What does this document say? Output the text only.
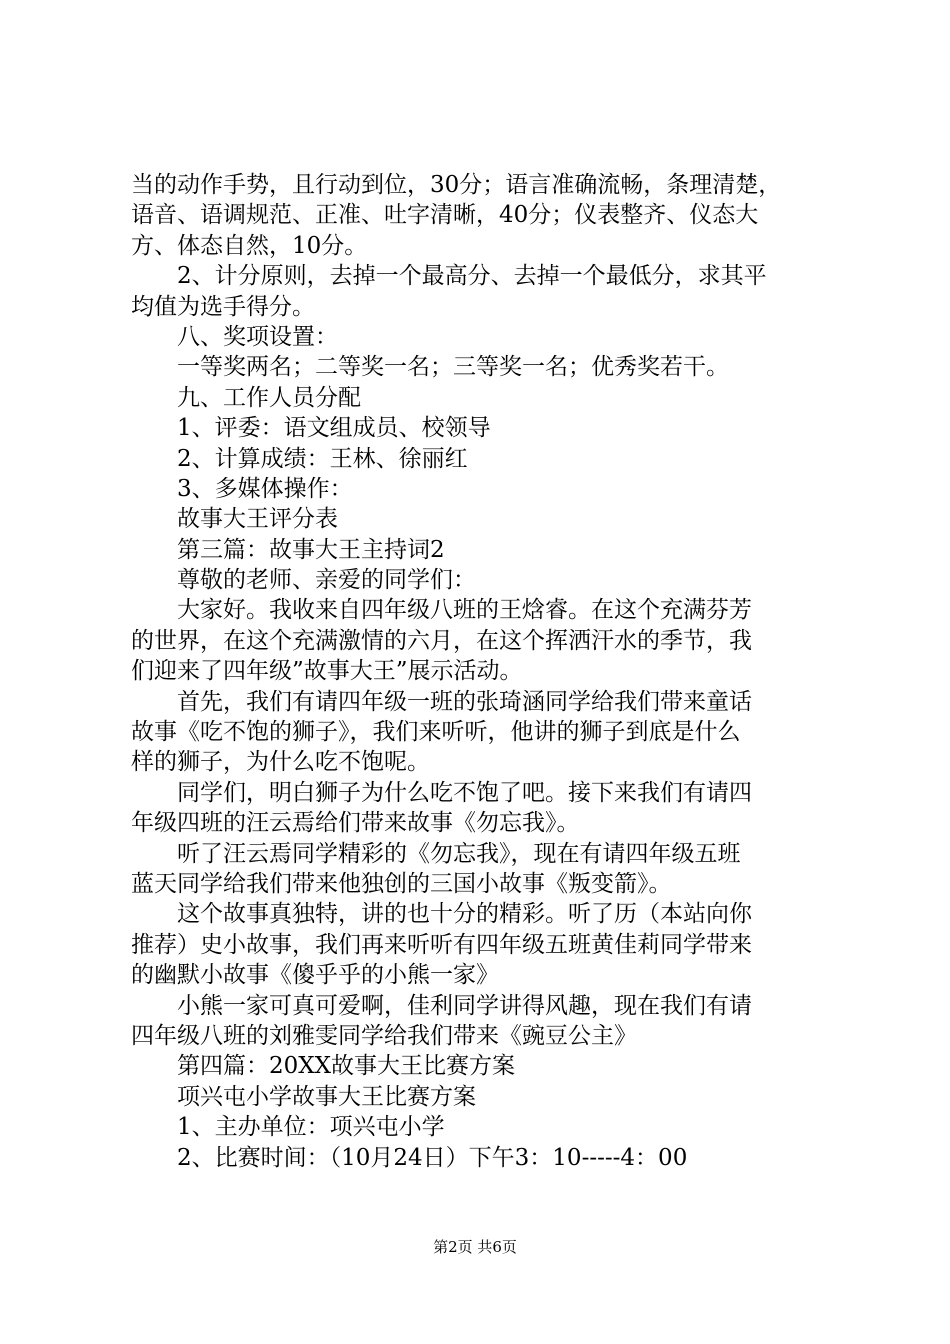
当的动作手势，且行动到位，30分；语言准确流畅，条理清楚，
语音、语调规范、正准、吐字清晰，40分；仪表整齐、仪态大
方、体态自然，10分。
2、计分原则，去掉一个最高分、去掉一个最低分，求其平
均值为选手得分。
八、奖项设置：
一等奖两名；二等奖一名；三等奖一名；优秀奖若干。
九、工作人员分配
1、评委：语文组成员、校领导
2、计算成绩：王林、徐丽红
3、多媒体操作：
故事大王评分表
第三篇：故事大王主持词2
尊敬的老师、亲爱的同学们：
大家好。我收来自四年级八班的王焓睿。在这个充满芬芳
的世界，在这个充满激情的六月，在这个挥洒汗水的季节，我
们迎来了四年级”故事大王”展示活动。
首先，我们有请四年级一班的张琦涵同学给我们带来童话
故事《吃不饱的狮子》，我们来听听，他讲的狮子到底是什么
样的狮子，为什么吃不饱呢。
同学们，明白狮子为什么吃不饱了吧。接下来我们有请四
年级四班的汪云焉给们带来故事《勿忘我》。
听了汪云焉同学精彩的《勿忘我》，现在有请四年级五班
蓝天同学给我们带来他独创的三国小故事《叛变箭》。
这个故事真独特，讲的也十分的精彩。听了历（本站向你
推荐）史小故事，我们再来听听有四年级五班黄佳莉同学带来
的幽默小故事《傻乎乎的小熊一家》
小熊一家可真可爱啊，佳利同学讲得风趣，现在我们有请
四年级八班的刘雅雯同学给我们带来《豌豆公主》
第四篇：20XX故事大王比赛方案
项兴屯小学故事大王比赛方案
1、主办单位：项兴屯小学
2、比赛时间：（10月24日）下午3：10-----4：00
第2页 共6页
